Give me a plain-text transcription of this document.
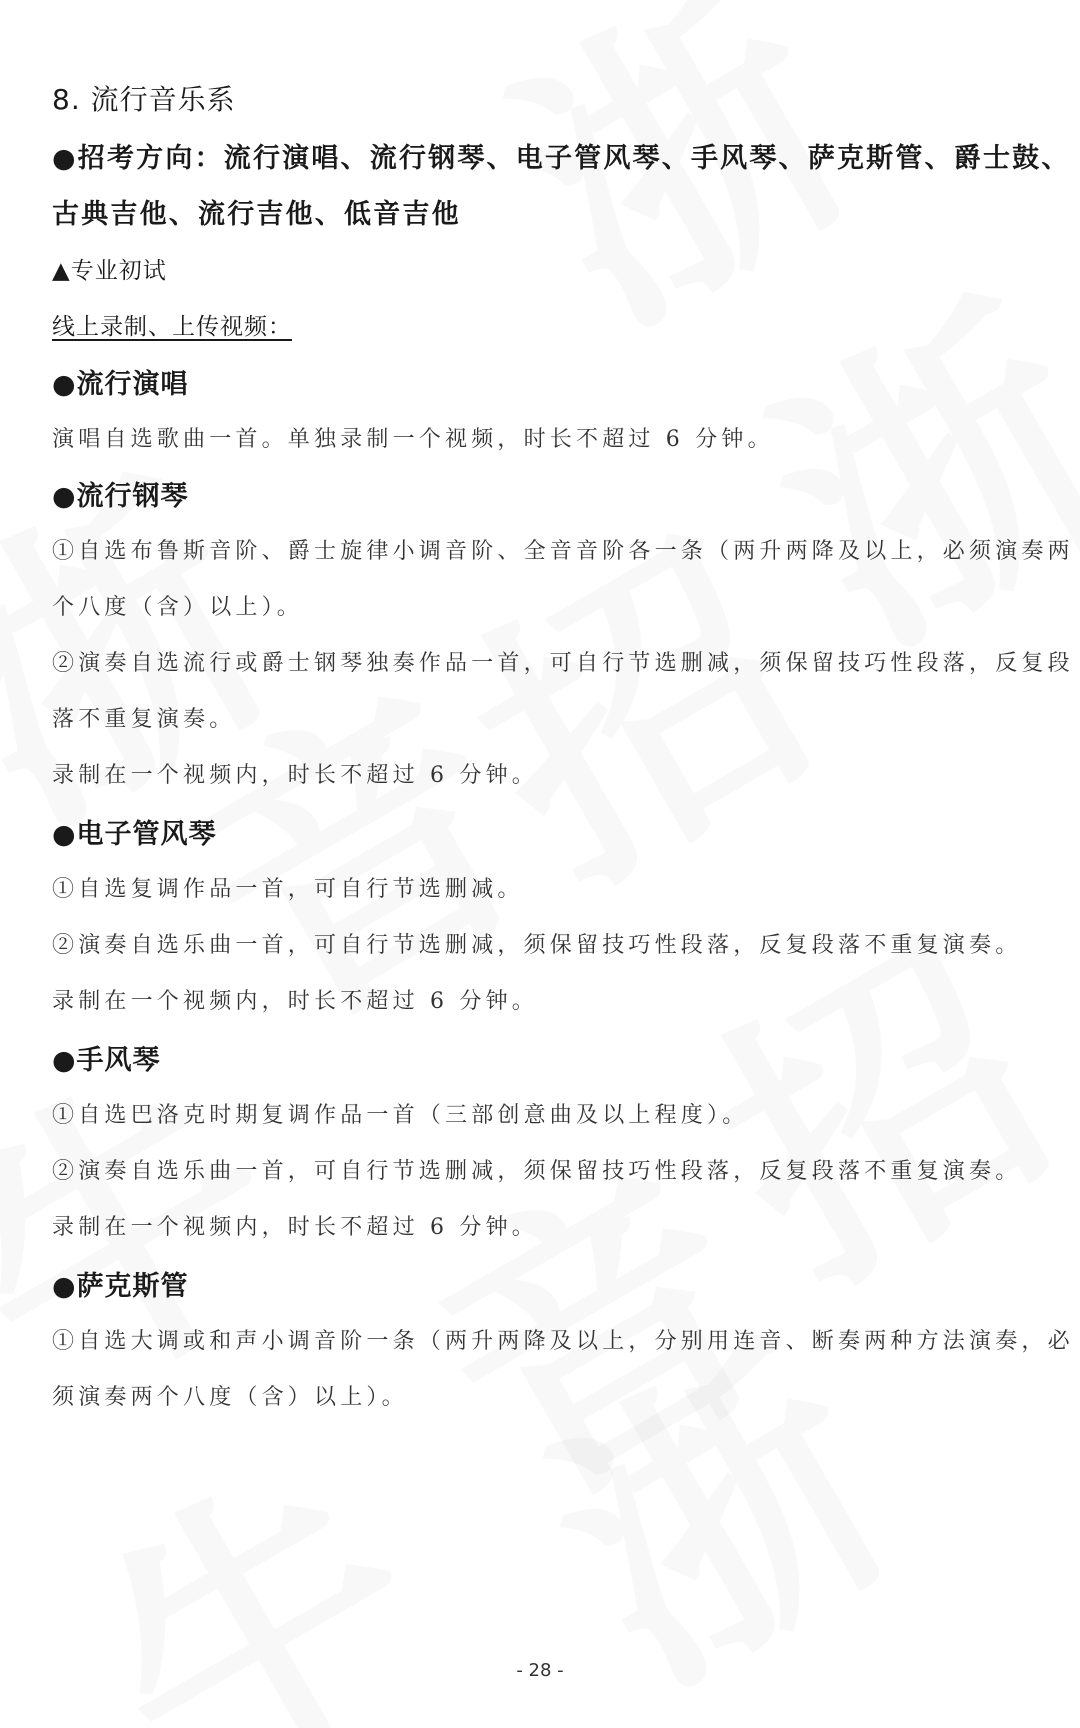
8. 流行音乐系
●招考方向：流行演唱、流行钢琴、电子管风琴、手风琴、萨克斯管、爵士鼓、
古典吉他、流行吉他、低音吉他
▲专业初试
线上录制、上传视频：
●流行演唱
演唱自选歌曲一首。单独录制一个视频，时长不超过 6 分钟。
●流行钢琴
①自选布鲁斯音阶、爵士旋律小调音阶、全音音阶各一条（两升两降及以上，必须演奏两
个八度（含）以上）。
②演奏自选流行或爵士钢琴独奏作品一首，可自行节选删减，须保留技巧性段落，反复段
落不重复演奏。
录制在一个视频内，时长不超过 6 分钟。
●电子管风琴
①自选复调作品一首，可自行节选删减。
②演奏自选乐曲一首，可自行节选删减，须保留技巧性段落，反复段落不重复演奏。
录制在一个视频内，时长不超过 6 分钟。
●手风琴
①自选巴洛克时期复调作品一首（三部创意曲及以上程度）。
②演奏自选乐曲一首，可自行节选删减，须保留技巧性段落，反复段落不重复演奏。
录制在一个视频内，时长不超过 6 分钟。
●萨克斯管
①自选大调或和声小调音阶一条（两升两降及以上，分别用连音、断奏两种方法演奏，必
须演奏两个八度（含）以上）。
- 28 -
